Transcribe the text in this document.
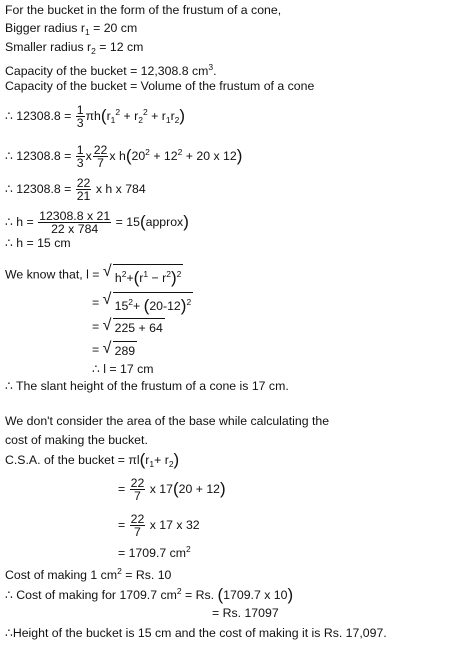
For the bucket in the form of the frustum of a cone,
Bigger radius $r_1 = 20$ cm
Smaller radius $r_2 = 12$ cm
Capacity of the bucket = 12,308.8 $cm^3$.
Capacity of the bucket = Volume of the frustum of a cone
∴ $12308.8 = \frac{1}{3} \pi h(r_1^2 + r_2^2 + r_1r_2)$
∴ $12308.8 = \frac{1}{3}$ x $\frac{22}{7}$ x $h(20^2 + 12^2 + 20$ x 12)
∴ $12308.8 = \frac{22}{21}$ x h x 784
∴ $h = \frac{12308.8 x 21}{22 x 784}$ = 15(approx)
∴ h = 15 cm
We know that, l = √ $h^2+(r^1 - r^2)^2$
= √ $15^2+ (20-12)^2$
= √ 225 + 64
= √ 289
∴ l = 17 cm
∴ The slant height of the frustum of a cone is 17 cm.
We don't consider the area of the base while calculating the
cost of making the bucket.
C.S.A. of the bucket = $\pi l(r_1+ r_2)$
= $\frac{22}{7}$ x 17(20 + 12)
= $\frac{22}{7}$ x 17 x 32
= 1709.7 $cm^2$
Cost of making 1 $cm^2 = Rs$. 10
∴ Cost of making for 1709.7 $cm^2 = Rs$. (1709.7 x 10)
= Rs. 17097
∴Height of the bucket is 15 cm and the cost of making it is Rs. 17,097.
